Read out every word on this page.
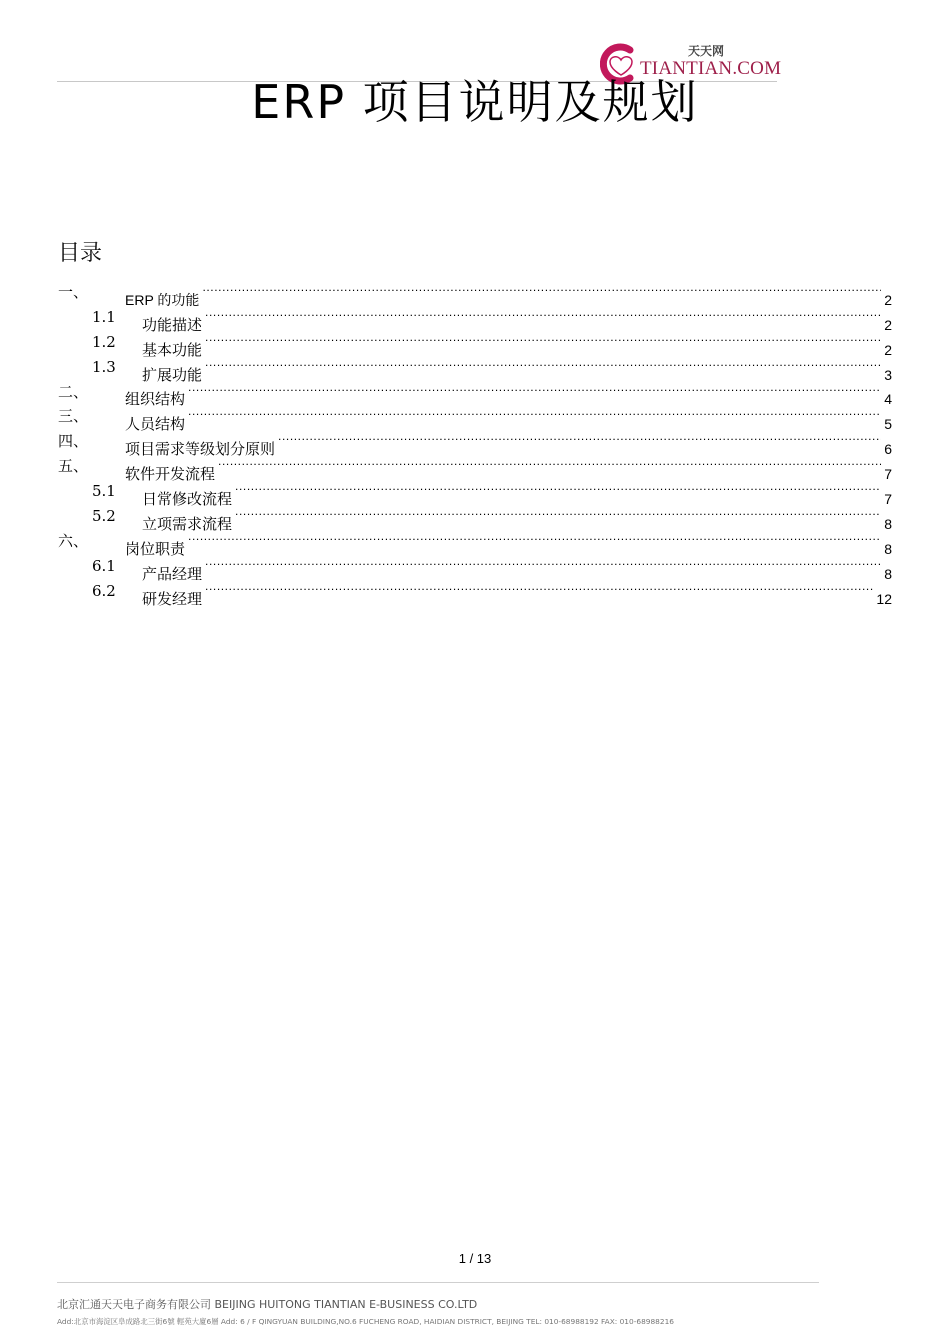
天天网
TIANTIAN.COM
ERP 项目说明及规划
目录
一、	ERP 的功能 .....	2
1.1 功能描述 .....	2
1.2 基本功能 .....	2
1.3 扩展功能 .....	3
二、 组织结构 .....	4
三、 人员结构 .....	5
四、 项目需求等级划分原则 .....	6
五、 软件开发流程 .....	7
5.1 日常修改流程 .....	7
5.2 立项需求流程 .....	8
六、 岗位职责 .....	8
6.1 产品经理 .....	8
6.2 研发经理 .....	12
1 / 13
北京汇通天天电子商务有限公司 BEIJING HUITONG TIANTIAN E-BUSINESS CO.LTD
Add:北京市海淀区阜成路北三街6號 輕苑大廈6層 Add: 6 / F QINGYUAN BUILDING,NO.6 FUCHENG ROAD, HAIDIAN DISTRICT, BEIJING TEL: 010-68988192 FAX: 010-68988216
